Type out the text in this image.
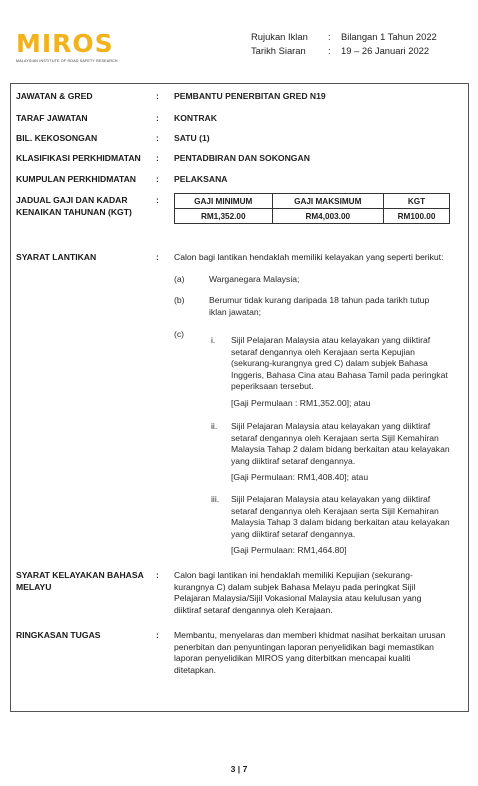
MIROS
MALAYSIAN INSTITUTE OF ROAD SAFETY RESEARCH
Rujukan Iklan	:	Bilangan 1 Tahun 2022
Tarikh Siaran	:	19 – 26 Januari 2022
JAWATAN & GRED	:	PEMBANTU PENERBITAN GRED N19
TARAF JAWATAN	:	KONTRAK
BIL. KEKOSONGAN	:	SATU (1)
KLASIFIKASI PERKHIDMATAN	:	PENTADBIRAN DAN SOKONGAN
KUMPULAN PERKHIDMATAN	:	PELAKSANA
JADUAL GAJI DAN KADAR KENAIKAN TAHUNAN (KGT)
:	GAJI MINIMUM	GAJI MAKSIMUM	KGT
RM1,352.00	RM4,003.00	RM100.00
SYARAT LANTIKAN	:	Calon bagi lantikan hendaklah memiliki kelayakan yang seperti berikut:
(a)	Warganegara Malaysia;
(b)	Berumur tidak kurang daripada 18 tahun pada tarikh tutup iklan jawatan;
(c)
i. Sijil Pelajaran Malaysia atau kelayakan yang diiktiraf setaraf dengannya oleh Kerajaan serta Kepujian (sekurang-kurangnya gred C) dalam subjek Bahasa Inggeris, Bahasa Cina atau Bahasa Tamil pada peringkat peperiksaan tersebut.
[Gaji Permulaan : RM1,352.00]; atau
ii. Sijil Pelajaran Malaysia atau kelayakan yang diiktiraf setaraf dengannya oleh Kerajaan serta Sijil Kemahiran Malaysia Tahap 2 dalam bidang berkaitan atau kelayakan yang diiktiraf setaraf dengannya.
[Gaji Permulaan: RM1,408.40]; atau
iii. Sijil Pelajaran Malaysia atau kelayakan yang diiktiraf setaraf dengannya oleh Kerajaan serta Sijil Kemahiran Malaysia Tahap 3 dalam bidang berkaitan atau kelayakan yang diiktiraf setaraf dengannya.
[Gaji Permulaan: RM1,464.80]
SYARAT KELAYAKAN BAHASA MELAYU
:	Calon bagi lantikan ini hendaklah memiliki Kepujian (sekurang-kurangnya C) dalam subjek Bahasa Melayu pada peringkat Sijil Pelajaran Malaysia/Sijil Vokasional Malaysia atau kelulusan yang diiktiraf setaraf dengannya oleh Kerajaan.
RINGKASAN TUGAS	:	Membantu, menyelaras dan memberi khidmat nasihat berkaitan urusan penerbitan dan penyuntingan laporan penyelidikan bagi memastikan laporan penyelidikan MIROS yang diterbitkan mencapai kualiti ditetapkan.
3 | 7
